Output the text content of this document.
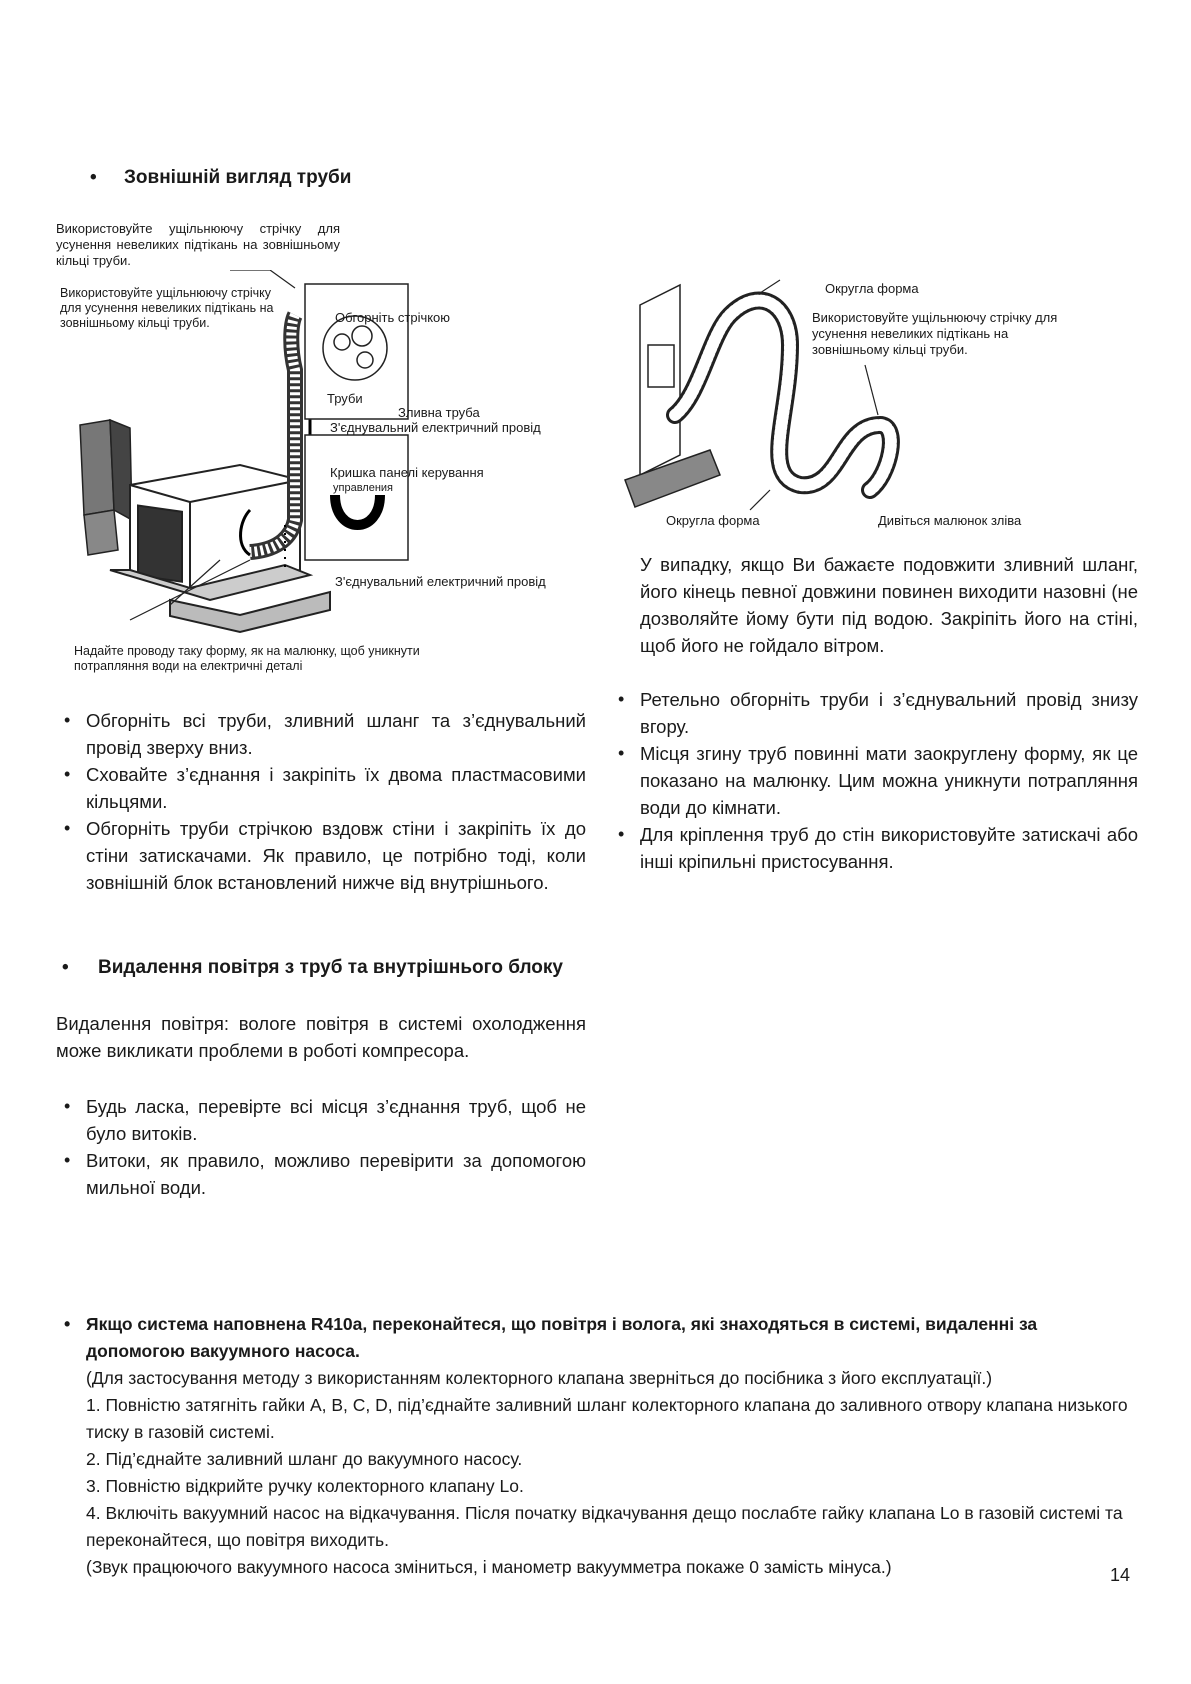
• Зовнішній вигляд труби
Використовуйте ущільнюючу стрічку для усунення невеликих підтікань на зовнішньому кільці труби.
Використовуйте ущільнюючу стрічку для усунення невеликих підтікань на зовнішньому кільці труби.	Обгорніть стрічкою
Труби
Зливна труба
З'єднувальний електричний провід
Кришка панелі керування
управления
З'єднувальний електричний провід
Надайте проводу таку форму, як на малюнку, щоб уникнути потрапляння води на електричні деталі
Округла форма
Використовуйте ущільнюючу стрічку для усунення невеликих підтікань на зовнішньому кільці труби.
Округла форма	Дивіться малюнок зліва
• Обгорніть всі труби, зливний шланг та з’єднувальний провід зверху вниз.
• Сховайте з’єднання і закріпіть їх двома пластмасовими кільцями.
• Обгорніть труби стрічкою вздовж стіни і закріпіть їх до стіни затискачами. Як правило, це потрібно тоді, коли зовнішній блок встановлений нижче від внутрішнього.
У випадку, якщо Ви бажаєте подовжити зливний шланг, його кінець певної довжини повинен виходити назовні (не дозволяйте йому бути під водою. Закріпіть його на стіні, щоб його не гойдало вітром.
• Ретельно обгорніть труби і з’єднувальний провід знизу вгору.
• Місця згину труб повинні мати заокруглену форму, як це показано на малюнку. Цим можна уникнути потрапляння води до кімнати.
• Для кріплення труб до стін використовуйте затискачі або інші кріпильні пристосування.
• Видалення повітря з труб та внутрішнього блоку
Видалення повітря: вологе повітря в системі охолодження може викликати проблеми в роботі компресора.
• Будь ласка, перевірте всі місця з’єднання труб, щоб не було витоків.
• Витоки, як правило, можливо перевірити за допомогою мильної води.
• Якщо система наповнена R410a, переконайтеся, що повітря і волога, які знаходяться в системі, видаленні за допомогою вакуумного насоса.
(Для застосування методу з використанням колекторного клапана зверніться до посібника з його експлуатації.)
1. Повністю затягніть гайки A, B, C, D, під’єднайте заливний шланг колекторного клапана до заливного отвору клапана низького тиску в газовій системі.
2. Під’єднайте заливний шланг до вакуумного насосу.
3. Повністю відкрийте ручку колекторного клапану Lo.
4. Включіть вакуумний насос на відкачування. Після початку відкачування дещо послабте гайку клапана Lo в газовій системі та переконайтеся, що повітря виходить.
(Звук працюючого вакуумного насоса зміниться, і манометр вакуумметра покаже 0 замість мінуса.)	14
